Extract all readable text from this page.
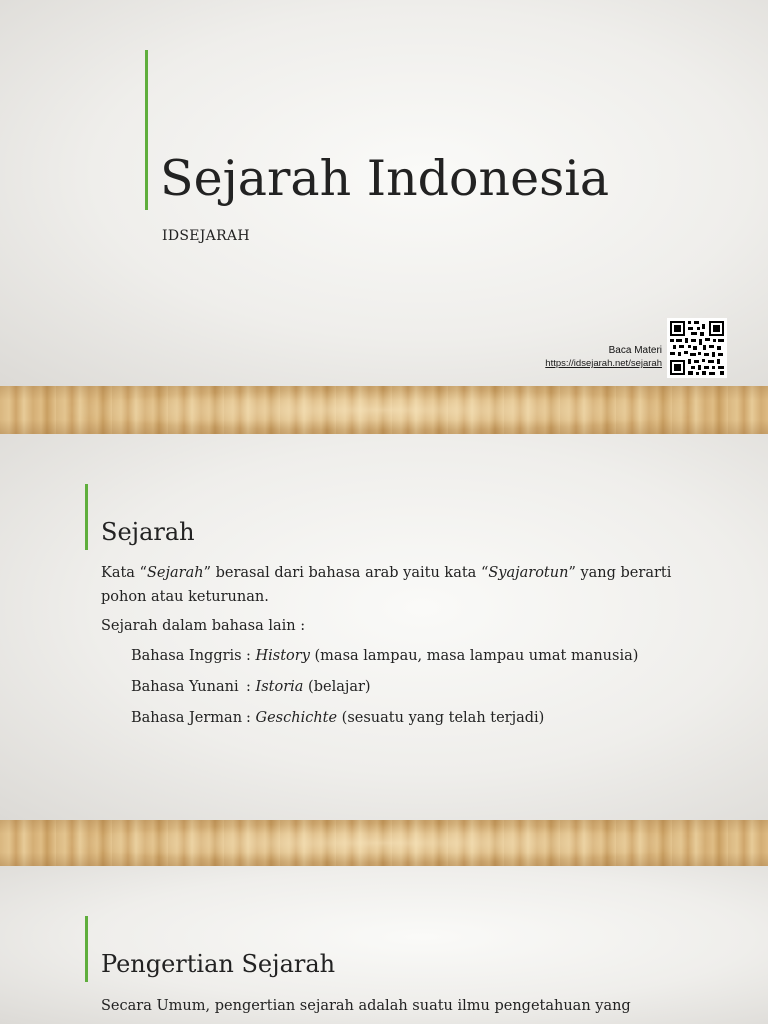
Sejarah Indonesia
IDSEJARAH
Baca Materi
https://idsejarah.net/sejarah
Sejarah
Kata “Sejarah” berasal dari bahasa arab yaitu kata “Syajarotun” yang berarti pohon atau keturunan.
Sejarah dalam bahasa lain :
Bahasa Inggris : History (masa lampau, masa lampau umat manusia)
Bahasa Yunani : Istoria (belajar)
Bahasa Jerman : Geschichte (sesuatu yang telah terjadi)
Pengertian Sejarah
Secara Umum, pengertian sejarah adalah suatu ilmu pengetahuan yang
